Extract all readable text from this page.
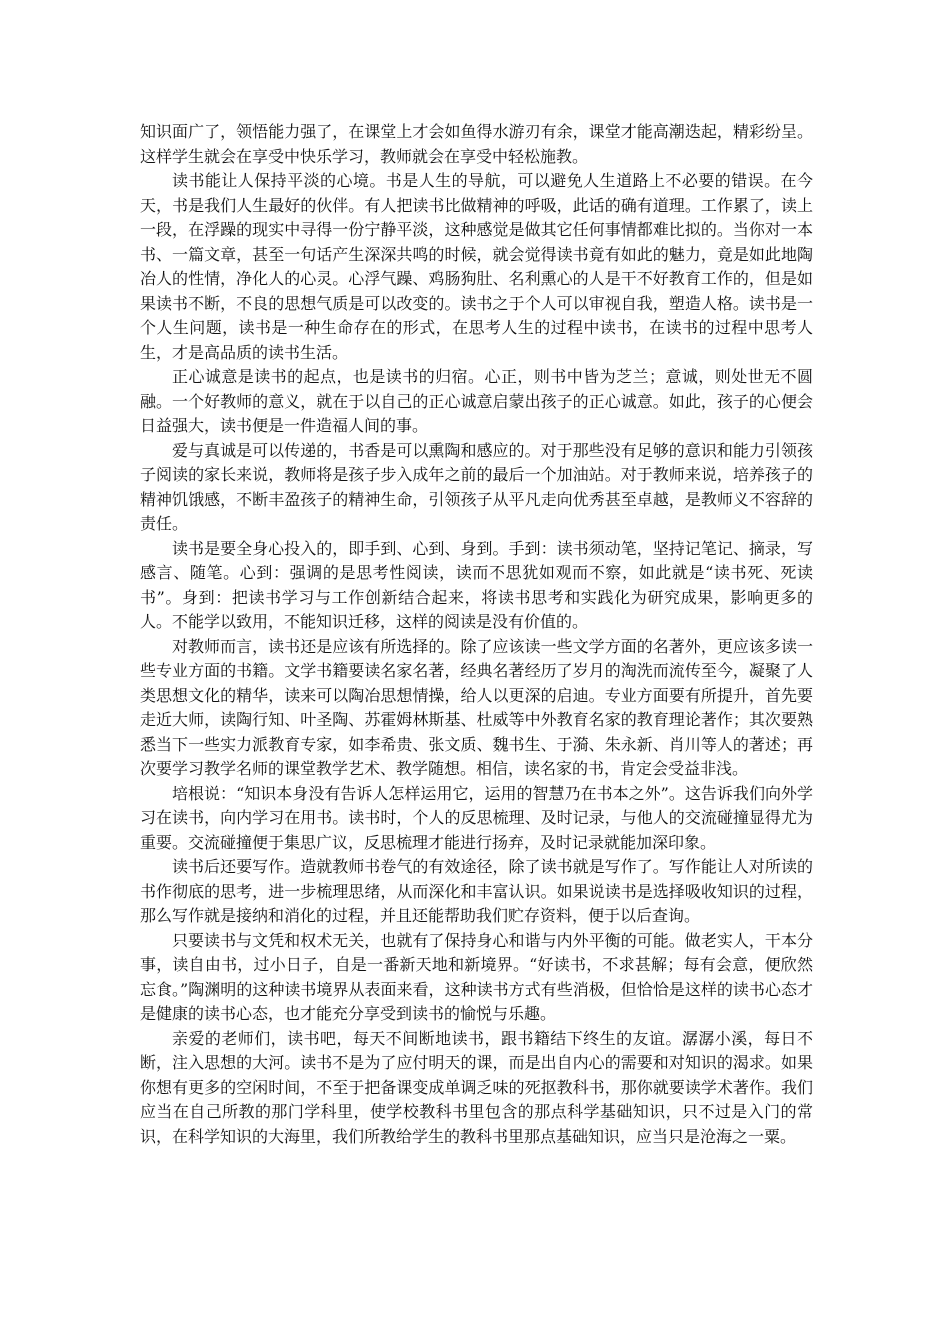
知识面广了，领悟能力强了，在课堂上才会如鱼得水游刃有余，课堂才能高潮迭起，精彩纷呈。这样学生就会在享受中快乐学习，教师就会在享受中轻松施教。

读书能让人保持平淡的心境。书是人生的导航，可以避免人生道路上不必要的错误。在今天，书是我们人生最好的伙伴。有人把读书比做精神的呼吸，此话的确有道理。工作累了，读上一段，在浮躁的现实中寻得一份宁静平淡，这种感觉是做其它任何事情都难比拟的。当你对一本书、一篇文章，甚至一句话产生深深共鸣的时候，就会觉得读书竟有如此的魅力，竟是如此地陶冶人的性情，净化人的心灵。心浮气躁、鸡肠狗肚、名利熏心的人是干不好教育工作的，但是如果读书不断，不良的思想气质是可以改变的。读书之于个人可以审视自我，塑造人格。读书是一个人生问题，读书是一种生命存在的形式，在思考人生的过程中读书，在读书的过程中思考人生，才是高品质的读书生活。

正心诚意是读书的起点，也是读书的归宿。心正，则书中皆为芝兰；意诚，则处世无不圆融。一个好教师的意义，就在于以自己的正心诚意启蒙出孩子的正心诚意。如此，孩子的心便会日益强大，读书便是一件造福人间的事。

爱与真诚是可以传递的，书香是可以熏陶和感应的。对于那些没有足够的意识和能力引领孩子阅读的家长来说，教师将是孩子步入成年之前的最后一个加油站。对于教师来说，培养孩子的精神饥饿感，不断丰盈孩子的精神生命，引领孩子从平凡走向优秀甚至卓越，是教师义不容辞的责任。

读书是要全身心投入的，即手到、心到、身到。手到：读书须动笔，坚持记笔记、摘录，写感言、随笔。心到：强调的是思考性阅读，读而不思犹如观而不察，如此就是“读书死、死读书”。身到：把读书学习与工作创新结合起来，将读书思考和实践化为研究成果，影响更多的人。不能学以致用，不能知识迁移，这样的阅读是没有价值的。

对教师而言，读书还是应该有所选择的。除了应该读一些文学方面的名著外，更应该多读一些专业方面的书籍。文学书籍要读名家名著，经典名著经历了岁月的淘洗而流传至今，凝聚了人类思想文化的精华，读来可以陶冶思想情操，给人以更深的启迪。专业方面要有所提升，首先要走近大师，读陶行知、叶圣陶、苏霍姆林斯基、杜威等中外教育名家的教育理论著作；其次要熟悉当下一些实力派教育专家，如李希贵、张文质、魏书生、于漪、朱永新、肖川等人的著述；再次要学习教学名师的课堂教学艺术、教学随想。相信，读名家的书，肯定会受益非浅。

培根说：“知识本身没有告诉人怎样运用它，运用的智慧乃在书本之外”。这告诉我们向外学习在读书，向内学习在用书。读书时，个人的反思梳理、及时记录，与他人的交流碰撞显得尤为重要。交流碰撞便于集思广议，反思梳理才能进行扬弃，及时记录就能加深印象。

读书后还要写作。造就教师书卷气的有效途径，除了读书就是写作了。写作能让人对所读的书作彻底的思考，进一步梳理思绪，从而深化和丰富认识。如果说读书是选择吸收知识的过程，那么写作就是接纳和消化的过程，并且还能帮助我们贮存资料，便于以后查询。

只要读书与文凭和权术无关，也就有了保持身心和谐与内外平衡的可能。做老实人，干本分事，读自由书，过小日子，自是一番新天地和新境界。“好读书，不求甚解；每有会意，便欣然忘食。”陶渊明的这种读书境界从表面来看，这种读书方式有些消极，但恰恰是这样的读书心态才是健康的读书心态，也才能充分享受到读书的愉悦与乐趣。

亲爱的老师们，读书吧，每天不间断地读书，跟书籍结下终生的友谊。潺潺小溪，每日不断，注入思想的大河。读书不是为了应付明天的课，而是出自内心的需要和对知识的渴求。如果你想有更多的空闲时间，不至于把备课变成单调乏味的死抠教科书，那你就要读学术著作。我们应当在自己所教的那门学科里，使学校教科书里包含的那点科学基础知识，只不过是入门的常识，在科学知识的大海里，我们所教给学生的教科书里那点基础知识，应当只是沧海之一粟。
